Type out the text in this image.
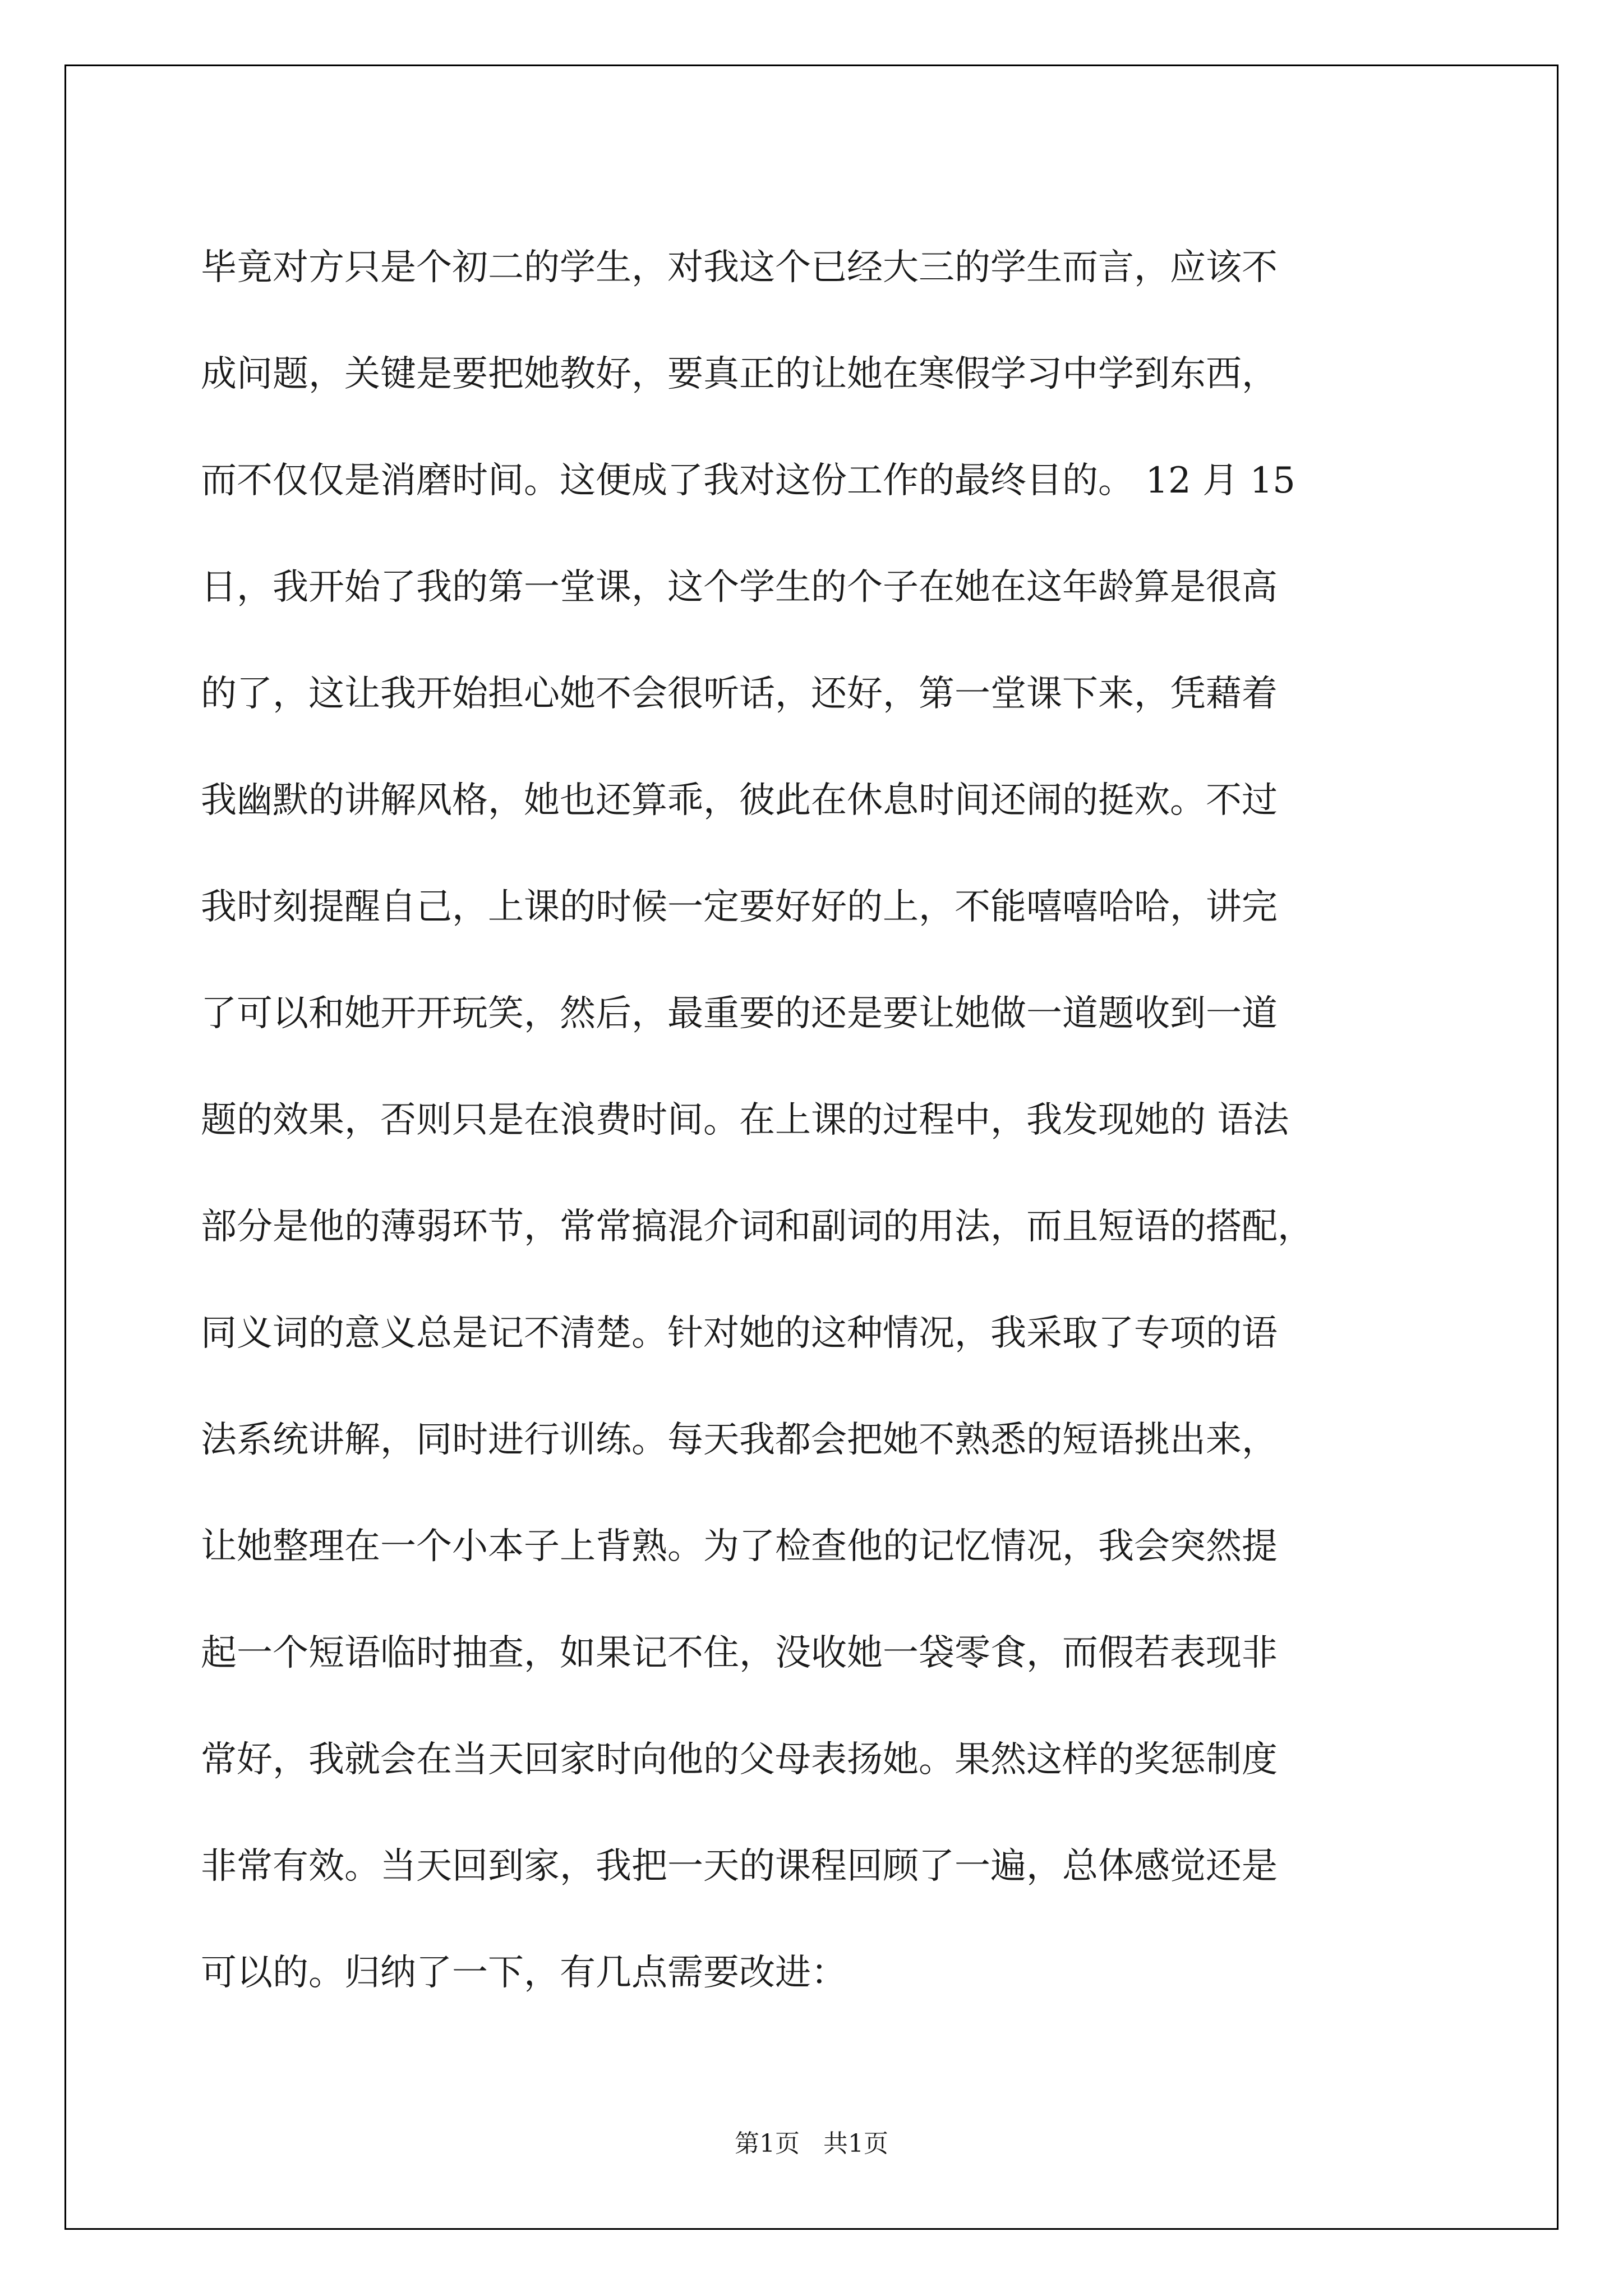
毕竟对方只是个初二的学生，对我这个已经大三的学生而言，应该不
成问题，关键是要把她教好，要真正的让她在寒假学习中学到东西，
而不仅仅是消磨时间。这便成了我对这份工作的最终目的。 12 月 15
日，我开始了我的第一堂课，这个学生的个子在她在这年龄算是很高
的了，这让我开始担心她不会很听话，还好，第一堂课下来，凭藉着
我幽默的讲解风格，她也还算乖，彼此在休息时间还闹的挺欢。不过
我时刻提醒自己，上课的时候一定要好好的上，不能嘻嘻哈哈，讲完
了可以和她开开玩笑，然后，最重要的还是要让她做一道题收到一道
题的效果，否则只是在浪费时间。在上课的过程中，我发现她的 语法
部分是他的薄弱环节，常常搞混介词和副词的用法，而且短语的搭配，
同义词的意义总是记不清楚。针对她的这种情况，我采取了专项的语
法系统讲解，同时进行训练。每天我都会把她不熟悉的短语挑出来，
让她整理在一个小本子上背熟。为了检查他的记忆情况，我会突然提
起一个短语临时抽查，如果记不住，没收她一袋零食，而假若表现非
常好，我就会在当天回家时向他的父母表扬她。果然这样的奖惩制度
非常有效。当天回到家，我把一天的课程回顾了一遍，总体感觉还是
可以的。归纳了一下，有几点需要改进：
第1页   共1页
